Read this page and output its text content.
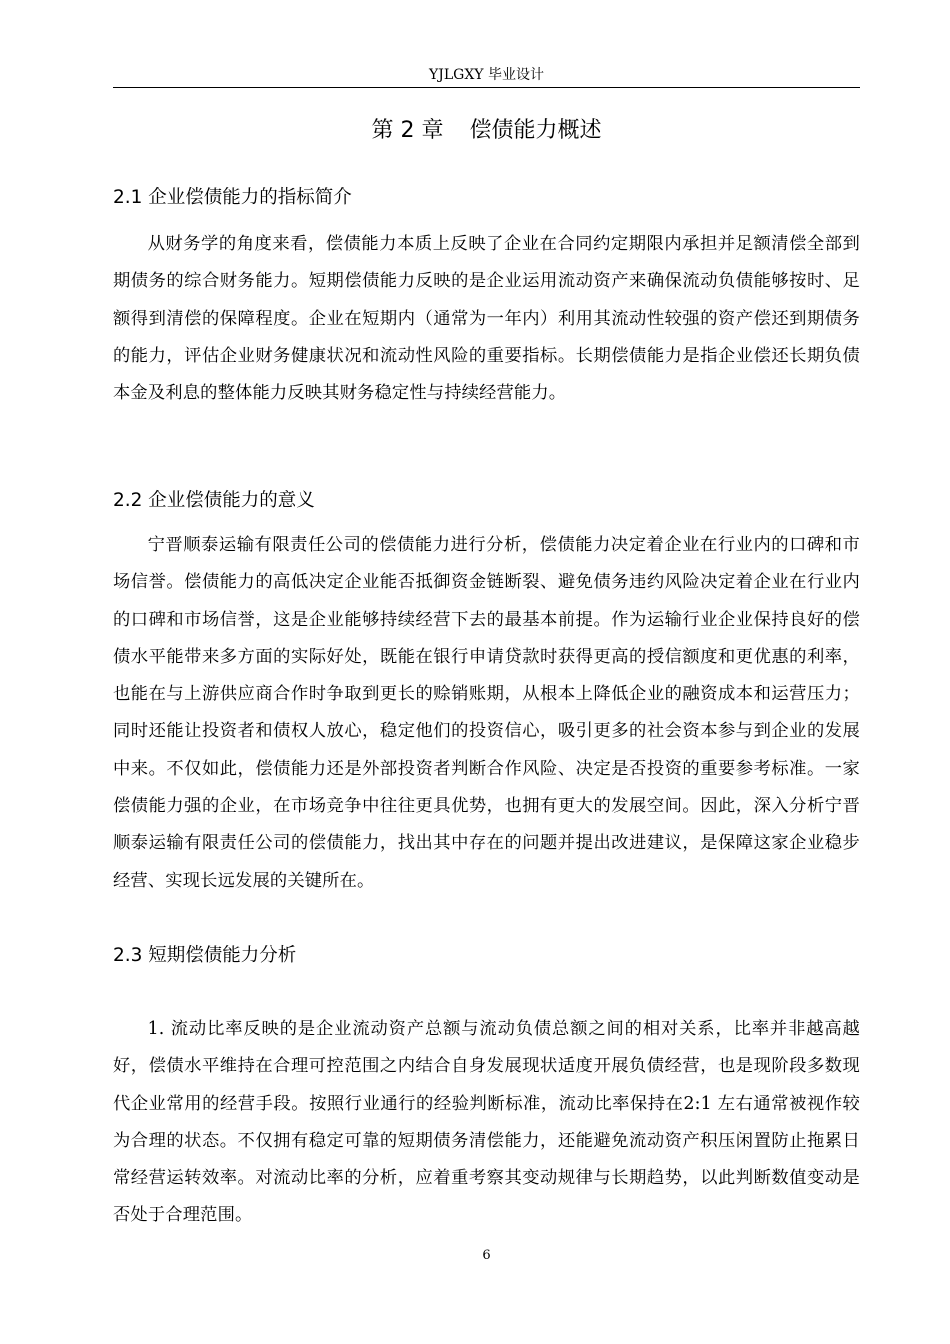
YJLGXY 毕业设计
第 2 章 偿债能力概述
2.1 企业偿债能力的指标简介

从财务学的角度来看，偿债能力本质上反映了企业在合同约定期限内承担并足额清偿全部到期债务的综合财务能力。短期偿债能力反映的是企业运用流动资产来确保流动负债能够按时、足额得到清偿的保障程度。企业在短期内（通常为一年内）利用其流动性较强的资产偿还到期债务的能力，评估企业财务健康状况和流动性风险的重要指标。长期偿债能力是指企业偿还长期负债本金及利息的整体能力反映其财务稳定性与持续经营能力。

2.2 企业偿债能力的意义

宁晋顺泰运输有限责任公司的偿债能力进行分析，偿债能力决定着企业在行业内的口碑和市场信誉。偿债能力的高低决定企业能否抵御资金链断裂、避免债务违约风险决定着企业在行业内的口碑和市场信誉，这是企业能够持续经营下去的最基本前提。作为运输行业企业保持良好的偿债水平能带来多方面的实际好处，既能在银行申请贷款时获得更高的授信额度和更优惠的利率，也能在与上游供应商合作时争取到更长的赊销账期，从根本上降低企业的融资成本和运营压力；同时还能让投资者和债权人放心，稳定他们的投资信心，吸引更多的社会资本参与到企业的发展中来。不仅如此，偿债能力还是外部投资者判断合作风险、决定是否投资的重要参考标准。一家偿债能力强的企业，在市场竞争中往往更具优势，也拥有更大的发展空间。因此，深入分析宁晋顺泰运输有限责任公司的偿债能力，找出其中存在的问题并提出改进建议，是保障这家企业稳步经营、实现长远发展的关键所在。

2.3 短期偿债能力分析

1. 流动比率反映的是企业流动资产总额与流动负债总额之间的相对关系，比率并非越高越好，偿债水平维持在合理可控范围之内结合自身发展现状适度开展负债经营，也是现阶段多数现代企业常用的经营手段。按照行业通行的经验判断标准，流动比率保持在2:1 左右通常被视作较为合理的状态。不仅拥有稳定可靠的短期债务清偿能力，还能避免流动资产积压闲置防止拖累日常经营运转效率。对流动比率的分析，应着重考察其变动规律与长期趋势，以此判断数值变动是否处于合理范围。

6
